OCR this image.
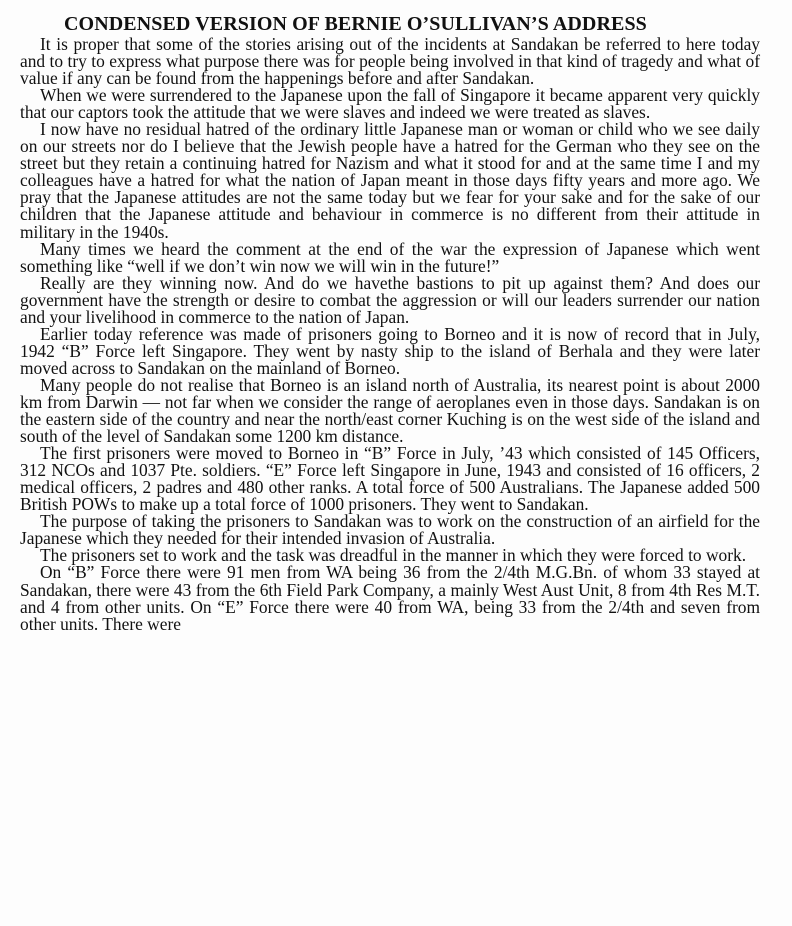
CONDENSED VERSION OF BERNIE O’SULLIVAN’S ADDRESS

It is proper that some of the stories arising out of the incidents at Sandakan be referred to here today and to try to express what purpose there was for people being involved in that kind of tragedy and what of value if any can be found from the happenings before and after Sandakan.

When we were surrendered to the Japanese upon the fall of Singapore it became apparent very quickly that our captors took the attitude that we were slaves and indeed we were treated as slaves.

I now have no residual hatred of the ordinary little Japanese man or woman or child who we see daily on our streets nor do I believe that the Jewish people have a hatred for the German who they see on the street but they retain a continuing hatred for Nazism and what it stood for and at the same time I and my colleagues have a hatred for what the nation of Japan meant in those days fifty years and more ago. We pray that the Japanese attitudes are not the same today but we fear for your sake and for the sake of our children that the Japanese attitude and behaviour in commerce is no different from their attitude in military in the 1940s.

Many times we heard the comment at the end of the war the expression of Japanese which went something like “well if we don’t win now we will win in the future!”

Really are they winning now. And do we havethe bastions to pit up against them? And does our government have the strength or desire to combat the aggression or will our leaders surrender our nation and your livelihood in commerce to the nation of Japan.

Earlier today reference was made of prisoners going to Borneo and it is now of record that in July, 1942 “B” Force left Singapore. They went by nasty ship to the island of Berhala and they were later moved across to Sandakan on the mainland of Borneo.

Many people do not realise that Borneo is an island north of Australia, its nearest point is about 2000 km from Darwin — not far when we consider the range of aeroplanes even in those days. Sandakan is on the eastern side of the country and near the north/east corner Kuching is on the west side of the island and south of the level of Sandakan some 1200 km distance.

The first prisoners were moved to Borneo in “B” Force in July, ’43 which consisted of 145 Officers, 312 NCOs and 1037 Pte. soldiers. “E” Force left Singapore in June, 1943 and consisted of 16 officers, 2 medical officers, 2 padres and 480 other ranks. A total force of 500 Australians. The Japanese added 500 British POWs to make up a total force of 1000 prisoners. They went to Sandakan.

The purpose of taking the prisoners to Sandakan was to work on the construction of an airfield for the Japanese which they needed for their intended invasion of Australia.

The prisoners set to work and the task was dreadful in the manner in which they were forced to work.

On “B” Force there were 91 men from WA being 36 from the 2/4th M.G.Bn. of whom 33 stayed at Sandakan, there were 43 from the 6th Field Park Company, a mainly West Aust Unit, 8 from 4th Res M.T. and 4 from other units. On “E” Force there were 40 from WA, being 33 from the 2/4th and seven from other units. There were
